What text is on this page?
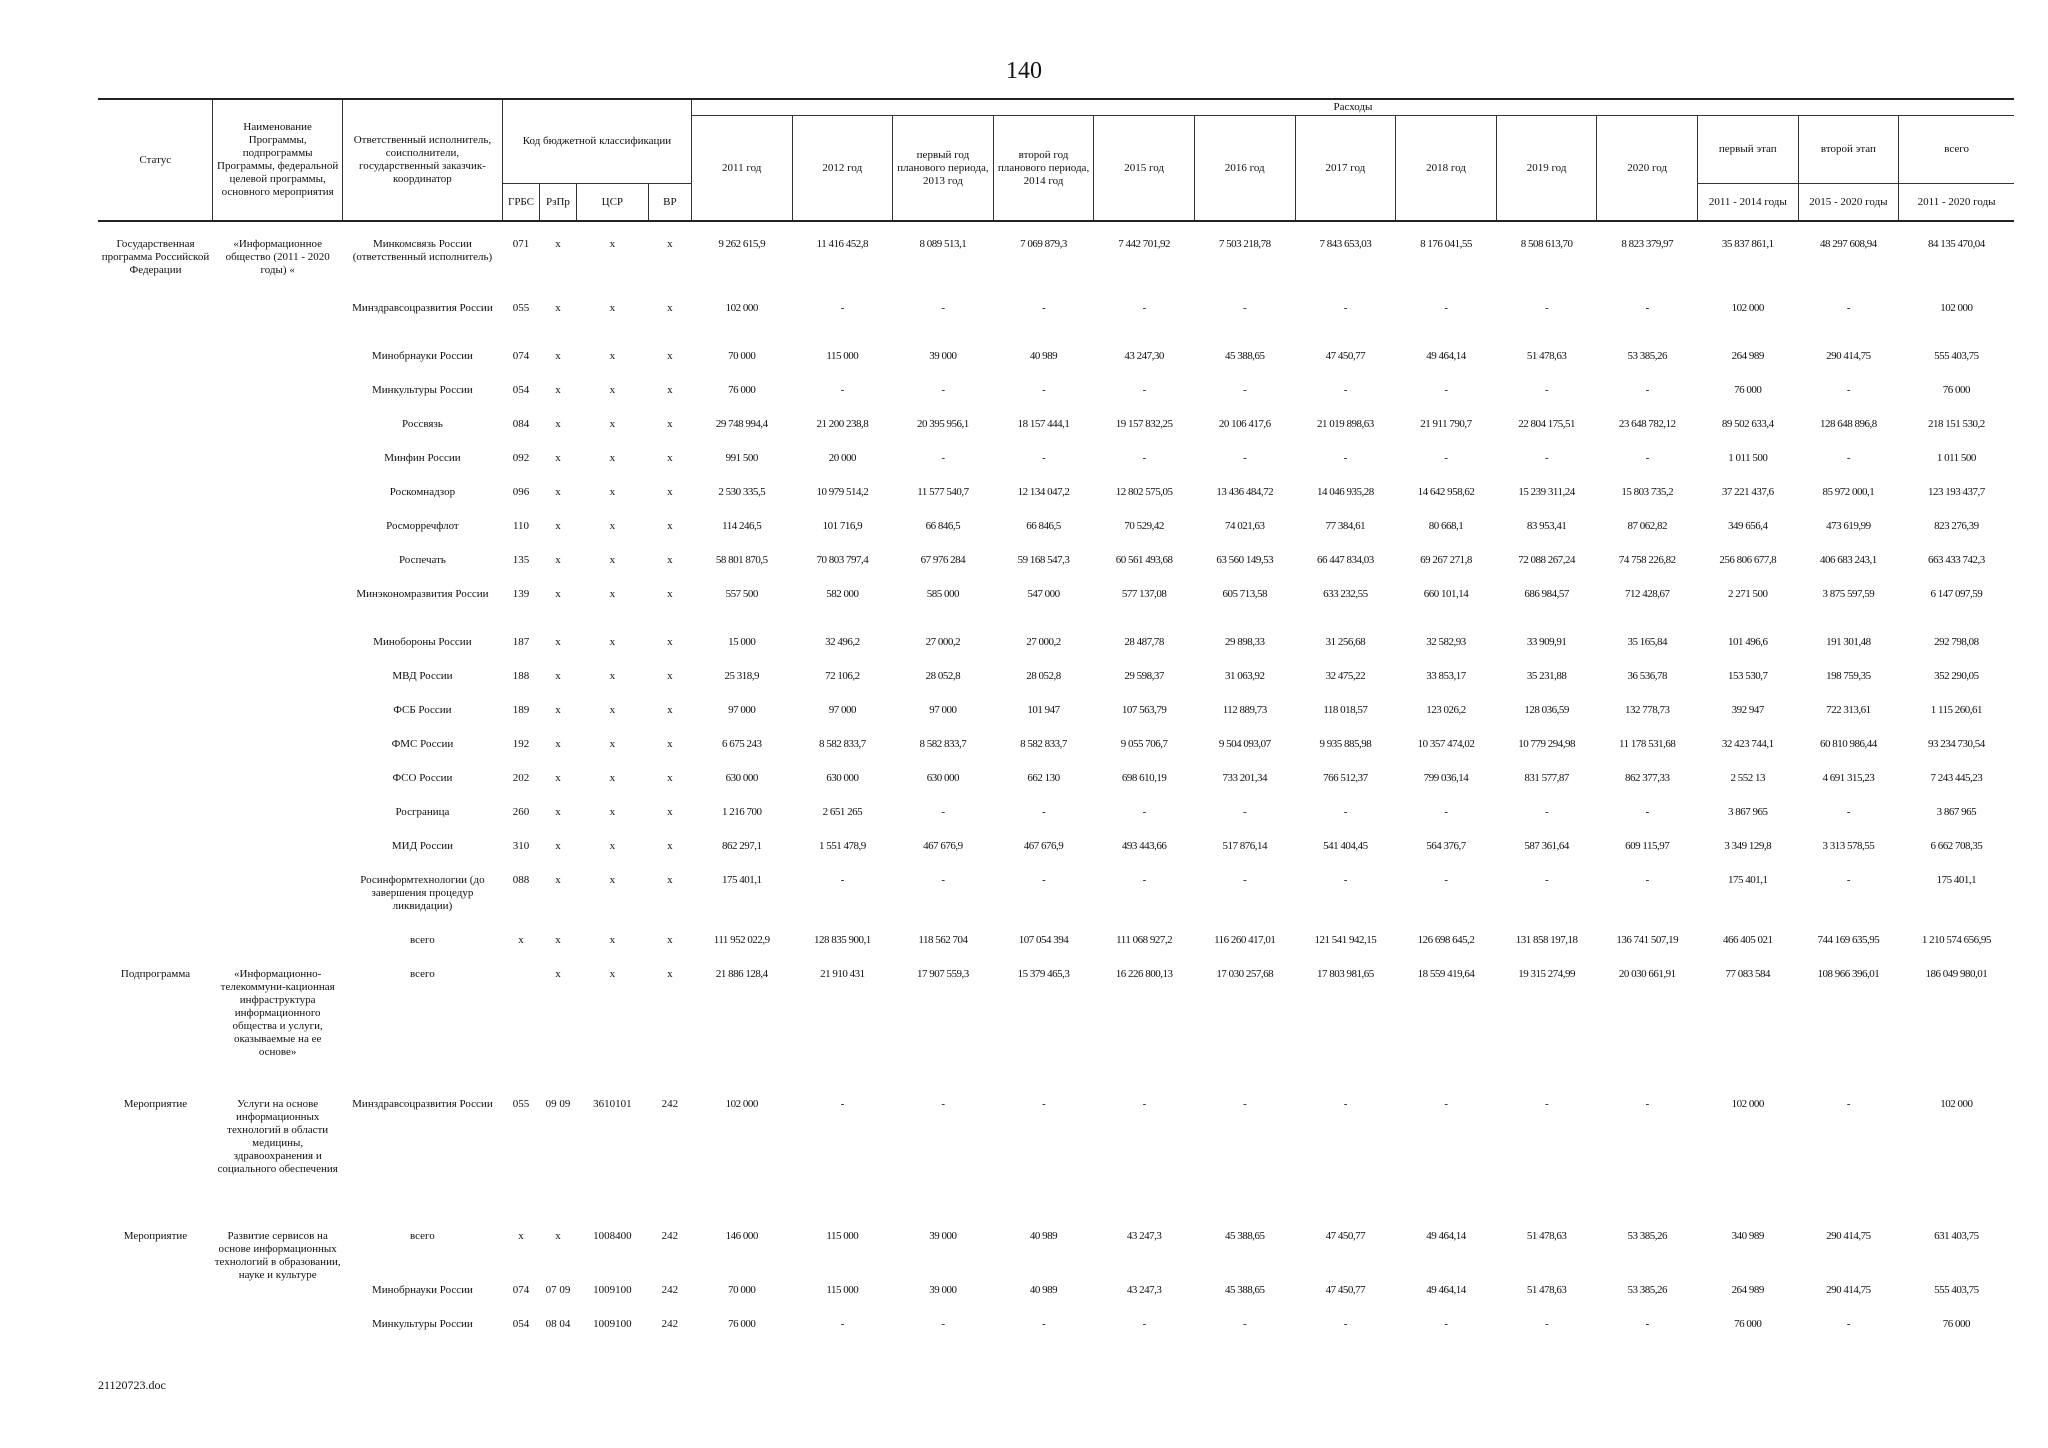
140
Статус	Наименование Программы, подпрограммы Программы, федеральной целевой программы, основного мероприятия	Ответственный исполнитель, соисполнители, государственный заказчик-координатор	Код бюджетной классификации				Расходы												
							2011 год	2012 год	первый год планового периода, 2013 год	второй год планового периода, 2014 год	2015 год	2016 год	2017 год	2018 год	2019 год	2020 год	первый этап	второй этап	всего
			ГРБС	РзПр	ЦСР	ВР											2011 - 2014 годы	2015 - 2020 годы	2011 - 2020 годы
Государственная программа Российской Федерации	«Информационное общество (2011 - 2020 годы) «	Минкомсвязь России (ответственный исполнитель)	071	х	х	х	9 262 615,9	11 416 452,8	8 089 513,1	7 069 879,3	7 442 701,92	7 503 218,78	7 843 653,03	8 176 041,55	8 508 613,70	8 823 379,97	35 837 861,1	48 297 608,94	84 135 470,04
		Минздравсоцразвития России	055	х	х	х	102 000	-	-	-	-	-	-	-	-	-	102 000	-	102 000
		Минобрнауки России	074	х	х	х	70 000	115 000	39 000	40 989	43 247,30	45 388,65	47 450,77	49 464,14	51 478,63	53 385,26	264 989	290 414,75	555 403,75
		Минкультуры России	054	х	х	х	76 000	-	-	-	-	-	-	-	-	-	76 000	-	76 000
		Россвязь	084	х	х	х	29 748 994,4	21 200 238,8	20 395 956,1	18 157 444,1	19 157 832,25	20 106 417,6	21 019 898,63	21 911 790,7	22 804 175,51	23 648 782,12	89 502 633,4	128 648 896,8	218 151 530,2
		Минфин России	092	х	х	х	991 500	20 000	-	-	-	-	-	-	-	-	1 011 500	-	1 011 500
		Роскомнадзор	096	х	х	х	2 530 335,5	10 979 514,2	11 577 540,7	12 134 047,2	12 802 575,05	13 436 484,72	14 046 935,28	14 642 958,62	15 239 311,24	15 803 735,2	37 221 437,6	85 972 000,1	123 193 437,7
		Росморречфлот	110	х	х	х	114 246,5	101 716,9	66 846,5	66 846,5	70 529,42	74 021,63	77 384,61	80 668,1	83 953,41	87 062,82	349 656,4	473 619,99	823 276,39
		Роспечать	135	х	х	х	58 801 870,5	70 803 797,4	67 976 284	59 168 547,3	60 561 493,68	63 560 149,53	66 447 834,03	69 267 271,8	72 088 267,24	74 758 226,82	256 806 677,8	406 683 243,1	663 433 742,3
		Минэкономразвития России	139	х	х	х	557 500	582 000	585 000	547 000	577 137,08	605 713,58	633 232,55	660 101,14	686 984,57	712 428,67	2 271 500	3 875 597,59	6 147 097,59
		Минобороны России	187	х	х	х	15 000	32 496,2	27 000,2	27 000,2	28 487,78	29 898,33	31 256,68	32 582,93	33 909,91	35 165,84	101 496,6	191 301,48	292 798,08
		МВД России	188	х	х	х	25 318,9	72 106,2	28 052,8	28 052,8	29 598,37	31 063,92	32 475,22	33 853,17	35 231,88	36 536,78	153 530,7	198 759,35	352 290,05
		ФСБ России	189	х	х	х	97 000	97 000	97 000	101 947	107 563,79	112 889,73	118 018,57	123 026,2	128 036,59	132 778,73	392 947	722 313,61	1 115 260,61
		ФМС России	192	х	х	х	6 675 243	8 582 833,7	8 582 833,7	8 582 833,7	9 055 706,7	9 504 093,07	9 935 885,98	10 357 474,02	10 779 294,98	11 178 531,68	32 423 744,1	60 810 986,44	93 234 730,54
		ФСО России	202	х	х	х	630 000	630 000	630 000	662 130	698 610,19	733 201,34	766 512,37	799 036,14	831 577,87	862 377,33	2 552 13	4 691 315,23	7 243 445,23
		Росграница	260	х	х	х	1 216 700	2 651 265	-	-	-	-	-	-	-	-	3 867 965	-	3 867 965
		МИД России	310	х	х	х	862 297,1	1 551 478,9	467 676,9	467 676,9	493 443,66	517 876,14	541 404,45	564 376,7	587 361,64	609 115,97	3 349 129,8	3 313 578,55	6 662 708,35
		Росинформтехнологии (до завершения процедур ликвидации)	088	х	х	х	175 401,1	-	-	-	-	-	-	-	-	-	175 401,1	-	175 401,1
		всего	х	х	х	х	111 952 022,9	128 835 900,1	118 562 704	107 054 394	111 068 927,2	116 260 417,01	121 541 942,15	126 698 645,2	131 858 197,18	136 741 507,19	466 405 021	744 169 635,95	1 210 574 656,95
Подпрограмма	«Информационно-телекоммуни-кационная инфраструктура информационного общества и услуги, оказываемые на ее основе»	всего		х	х	х	21 886 128,4	21 910 431	17 907 559,3	15 379 465,3	16 226 800,13	17 030 257,68	17 803 981,65	18 559 419,64	19 315 274,99	20 030 661,91	77 083 584	108 966 396,01	186 049 980,01
Мероприятие	Услуги на основе информационных технологий в области медицины, здравоохранения и социального обеспечения	Минздравсоцразвития России	055	09 09	3610101	242	102 000	-	-	-	-	-	-	-	-	-	102 000	-	102 000
Мероприятие	Развитие сервисов на основе информационных технологий в образовании, науке и культуре	всего	х	х	1008400	242	146 000	115 000	39 000	40 989	43 247,3	45 388,65	47 450,77	49 464,14	51 478,63	53 385,26	340 989	290 414,75	631 403,75
		Минобрнауки России	074	07 09	1009100	242	70 000	115 000	39 000	40 989	43 247,3	45 388,65	47 450,77	49 464,14	51 478,63	53 385,26	264 989	290 414,75	555 403,75
		Минкультуры России	054	08 04	1009100	242	76 000	-	-	-	-	-	-	-	-	-	76 000	-	76 000
21120723.doc
